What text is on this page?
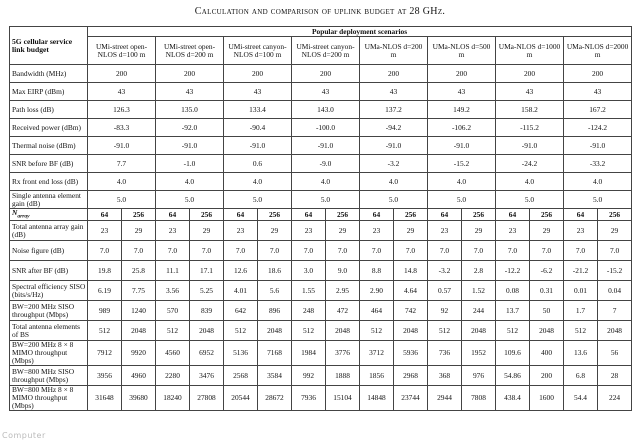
Calculation and comparison of uplink budget at 28 GHz.
5G cellular service link budget	Popular deployment scenarios															
	UMi-street open-NLOS d=100 m		UMi-street open-NLOS d=200 m		UMi-street canyon-NLOS d=100 m		UMi-street canyon-NLOS d=200 m		UMa-NLOS d=200 m		UMa-NLOS d=500 m		UMa-NLOS d=1000 m		UMa-NLOS d=2000 m	
Bandwidth (MHz)	200		200		200		200		200		200		200		200	
Max EIRP (dBm)	43		43		43		43		43		43		43		43	
Path loss (dB)	126.3		135.0		133.4		143.0		137.2		149.2		158.2		167.2	
Received power (dBm)	-83.3		-92.0		-90.4		-100.0		-94.2		-106.2		-115.2		-124.2	
Thermal noise (dBm)	-91.0		-91.0		-91.0		-91.0		-91.0		-91.0		-91.0		-91.0	
SNR before BF (dB)	7.7		-1.0		0.6		-9.0		-3.2		-15.2		-24.2		-33.2	
Rx front end loss (dB)	4.0		4.0		4.0		4.0		4.0		4.0		4.0		4.0	
Single antenna element gain (dB)	5.0		5.0		5.0		5.0		5.0		5.0		5.0		5.0	
$N_{array}$	64	256	64	256	64	256	64	256	64	256	64	256	64	256	64	256
Total antenna array gain (dB)	23	29	23	29	23	29	23	29	23	29	23	29	23	29	23	29
Noise figure (dB)	7.0	7.0	7.0	7.0	7.0	7.0	7.0	7.0	7.0	7.0	7.0	7.0	7.0	7.0	7.0	7.0
SNR after BF (dB)	19.8	25.8	11.1	17.1	12.6	18.6	3.0	9.0	8.8	14.8	-3.2	2.8	-12.2	-6.2	-21.2	-15.2
Spectral efficiency SISO (bits/s/Hz)	6.19	7.75	3.56	5.25	4.01	5.6	1.55	2.95	2.90	4.64	0.57	1.52	0.08	0.31	0.01	0.04
BW=200 MHz SISO throughput (Mbps)	989	1240	570	839	642	896	248	472	464	742	92	244	13.7	50	1.7	7
Total antenna elements of BS	512	2048	512	2048	512	2048	512	2048	512	2048	512	2048	512	2048	512	2048
BW=200 MHz 8 × 8 MIMO throughput (Mbps)	7912	9920	4560	6952	5136	7168	1984	3776	3712	5936	736	1952	109.6	400	13.6	56
BW=800 MHz SISO throughput (Mbps)	3956	4960	2280	3476	2568	3584	992	1888	1856	2968	368	976	54.86	200	6.8	28
BW=800 MHz 8 × 8 MIMO throughput (Mbps)	31648	39680	18240	27808	20544	28672	7936	15104	14848	23744	2944	7808	438.4	1600	54.4	224
Computer
